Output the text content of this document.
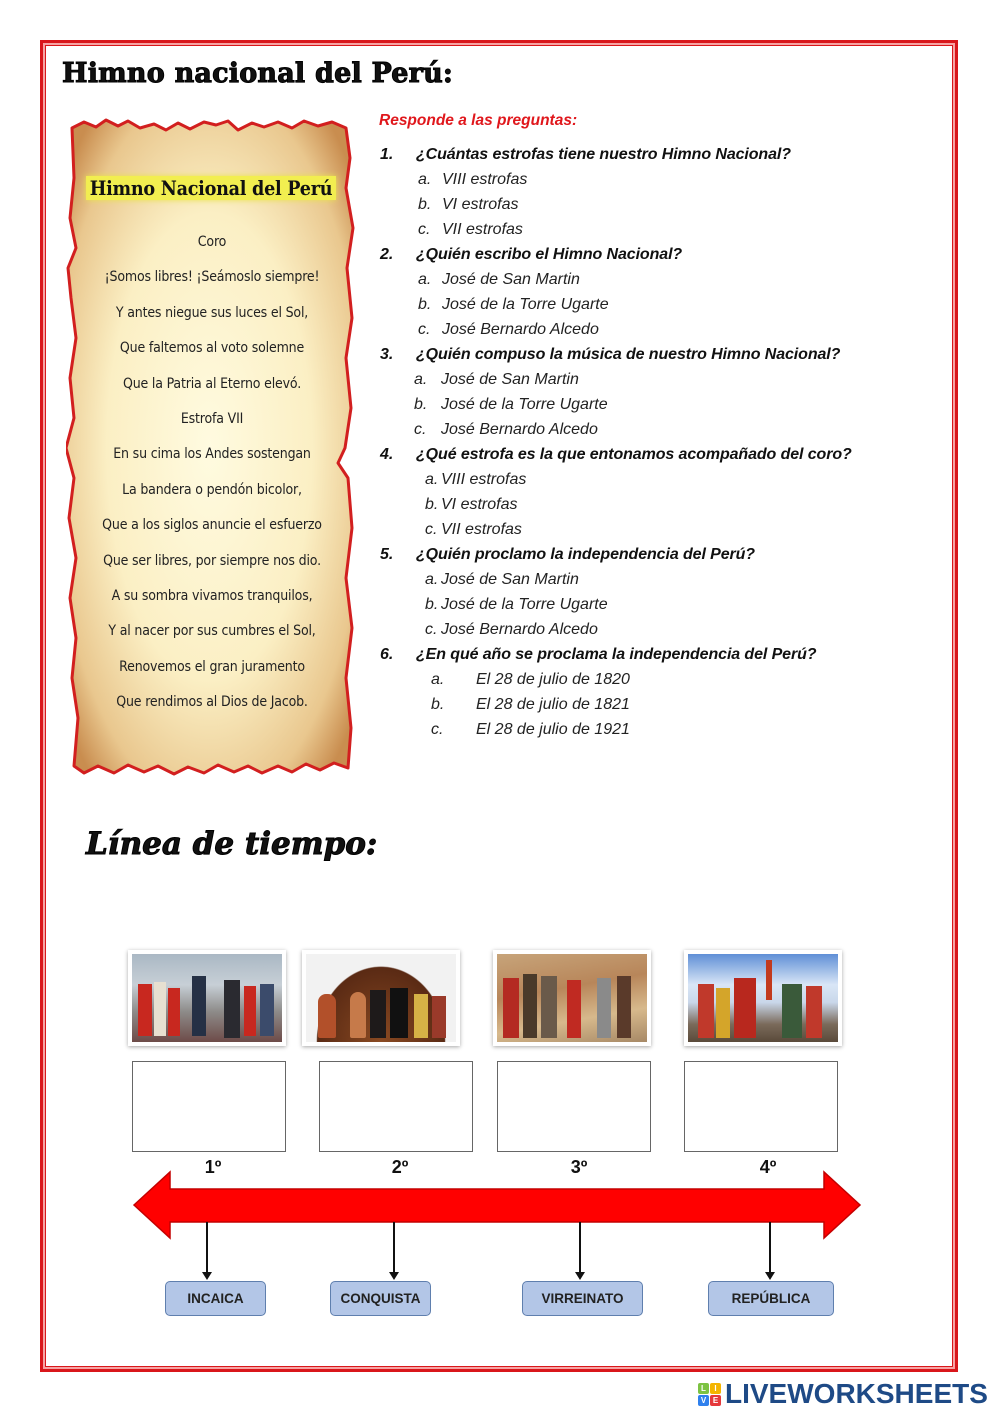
Himno nacional del Perú:
Himno Nacional del Perú
Coro
¡Somos libres! ¡Seámoslo siempre!
Y antes niegue sus luces el Sol,
Que faltemos al voto solemne
Que la Patria al Eterno elevó.
Estrofa VII
En su cima los Andes sostengan
La bandera o pendón bicolor,
Que a los siglos anuncie el esfuerzo
Que ser libres, por siempre nos dio.
A su sombra vivamos tranquilos,
Y al nacer por sus cumbres el Sol,
Renovemos el gran juramento
Que rendimos al Dios de Jacob.
Responde a las preguntas:
1. ¿Cuántas estrofas tiene nuestro Himno Nacional?
a. VIII estrofas
b. VI estrofas
c. VII estrofas
2. ¿Quién escribo el Himno Nacional?
a. José de San Martin
b. José de la Torre Ugarte
c. José Bernardo Alcedo
3. ¿Quién compuso la música de nuestro Himno Nacional?
a. José de San Martin
b. José de la Torre Ugarte
c. José Bernardo Alcedo
4. ¿Qué estrofa es la que entonamos acompañado del coro?
a. VIII estrofas
b. VI estrofas
c. VII estrofas
5. ¿Quién proclamo la independencia del Perú?
a. José de San Martin
b. José de la Torre Ugarte
c. José Bernardo Alcedo
6. ¿En qué año se proclama la independencia del Perú?
a. El 28 de julio de 1820
b. El 28 de julio de 1821
c. El 28 de julio de 1921
Línea de tiempo:
1º	2º	3º	4º
INCAICA	CONQUISTA	VIRREINATO	REPÚBLICA
L	I
V E LIVEWORKSHEETS
